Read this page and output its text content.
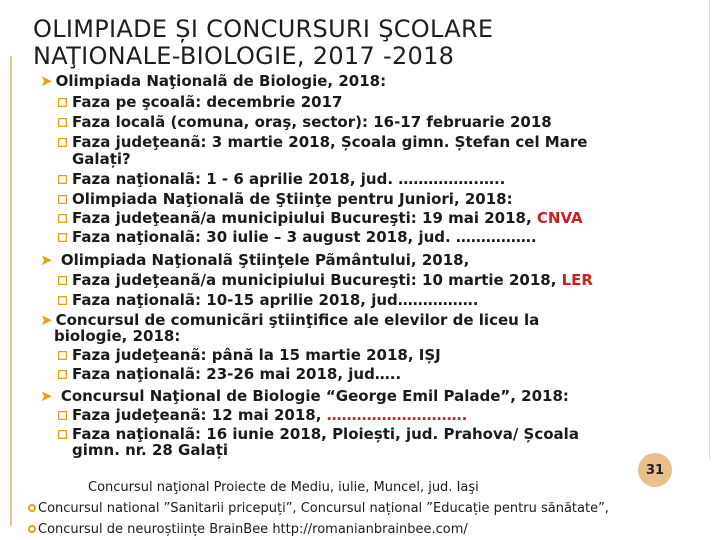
OLIMPIADE ȘI CONCURSURI ŞCOLARE
NAŢIONALE-BIOLOGIE, 2017 -2018
➤ Olimpiada Naţionalã de Biologie, 2018:
Faza pe şcoalã: decembrie 2017
Faza localã (comuna, oraş, sector): 16-17 februarie 2018
Faza judeţeanã: 3 martie 2018, Școala gimn. Ștefan cel Mare
Galați?
Faza naţionalã: 1 - 6 aprilie 2018, jud. …………….…..
Olimpiada Naţionalã de Ştiinţe pentru Juniori, 2018:
Faza judeţeanã/a municipiului Bucureşti: 19 mai 2018, CNVA
Faza naţionalã: 30 iulie – 3 august 2018, jud. …………….
➤ Olimpiada Naţionalã Ştiinţele Pãmântului, 2018,
Faza judeţeanã/a municipiului Bucureşti: 10 martie 2018, LER
Faza naţionalã: 10-15 aprilie 2018, jud…………….
➤ Concursul de comunicãri ştiinţifice ale elevilor de liceu la
biologie, 2018:
Faza judeţeanã: până la 15 martie 2018, IȘJ
Faza naţionalã: 23-26 mai 2018, jud…..
➤ Concursul Naţional de Biologie “George Emil Palade”, 2018:
Faza judeţeanã: 12 mai 2018, ……………………….
Faza naţionalã: 16 iunie 2018, Ploiești, jud. Prahova/ Școala
gimn. nr. 28 Galați
31
Concursul naţional Proiecte de Mediu, iulie, Muncel, jud. Iaşi
Concursul national ”Sanitarii pricepuți”, Concursul național ”Educație pentru sănătate”,
Concursul de neuroștiințe BrainBee http://romanianbrainbee.com/
